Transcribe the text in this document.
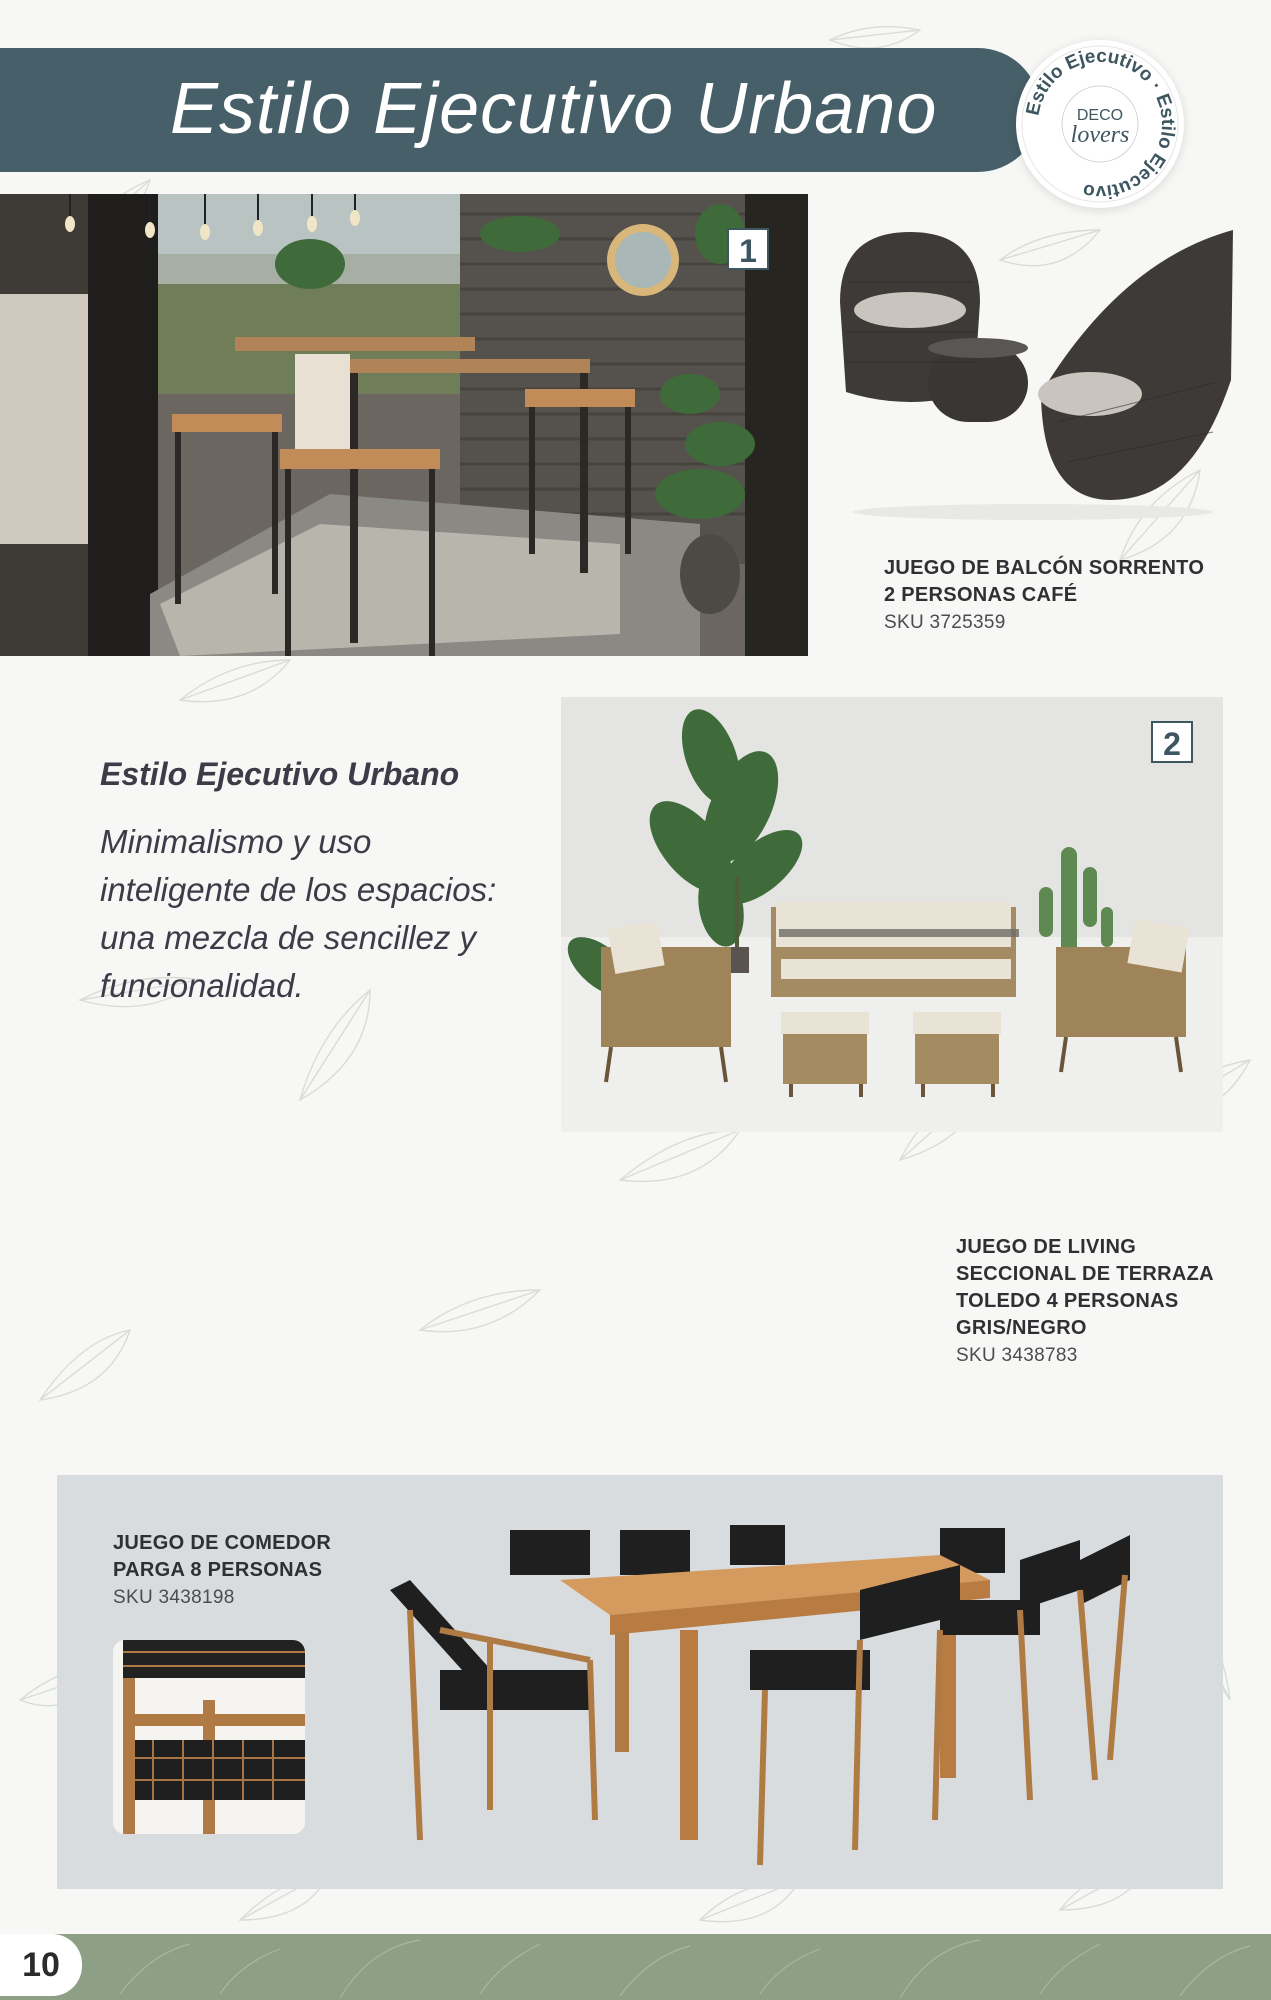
Estilo Ejecutivo Urbano	Estilo Ejecutivo · Estilo Ejecutivo
DECO
lovers
1
JUEGO DE BALCÓN SORRENTO
2 PERSONAS CAFÉ
SKU 3725359
Estilo Ejecutivo Urbano
Minimalismo y uso inteligente de los espacios: una mezcla de sencillez y funcionalidad.
2
JUEGO DE LIVING
SECCIONAL DE TERRAZA
TOLEDO 4 PERSONAS
GRIS/NEGRO
SKU 3438783
JUEGO DE COMEDOR
PARGA 8 PERSONAS
SKU 3438198
10
